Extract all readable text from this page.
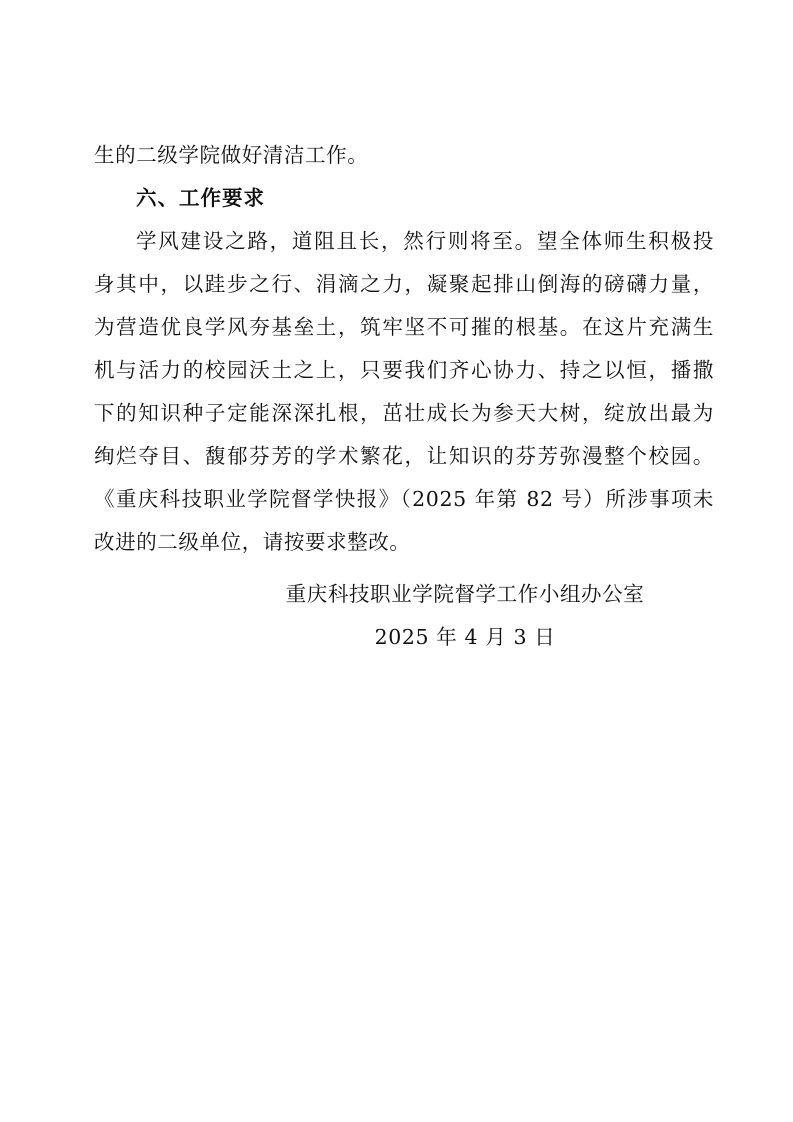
生的二级学院做好清洁工作。
六、工作要求
学风建设之路，道阻且长，然行则将至。望全体师生积极投
身其中，以跬步之行、涓滴之力，凝聚起排山倒海的磅礴力量，
为营造优良学风夯基垒土，筑牢坚不可摧的根基。在这片充满生
机与活力的校园沃土之上，只要我们齐心协力、持之以恒，播撒
下的知识种子定能深深扎根，茁壮成长为参天大树，绽放出最为
绚烂夺目、馥郁芬芳的学术繁花，让知识的芬芳弥漫整个校园。
《重庆科技职业学院督学快报》（2025 年第 82 号）所涉事项未
改进的二级单位，请按要求整改。
重庆科技职业学院督学工作小组办公室
2025 年 4 月 3 日
